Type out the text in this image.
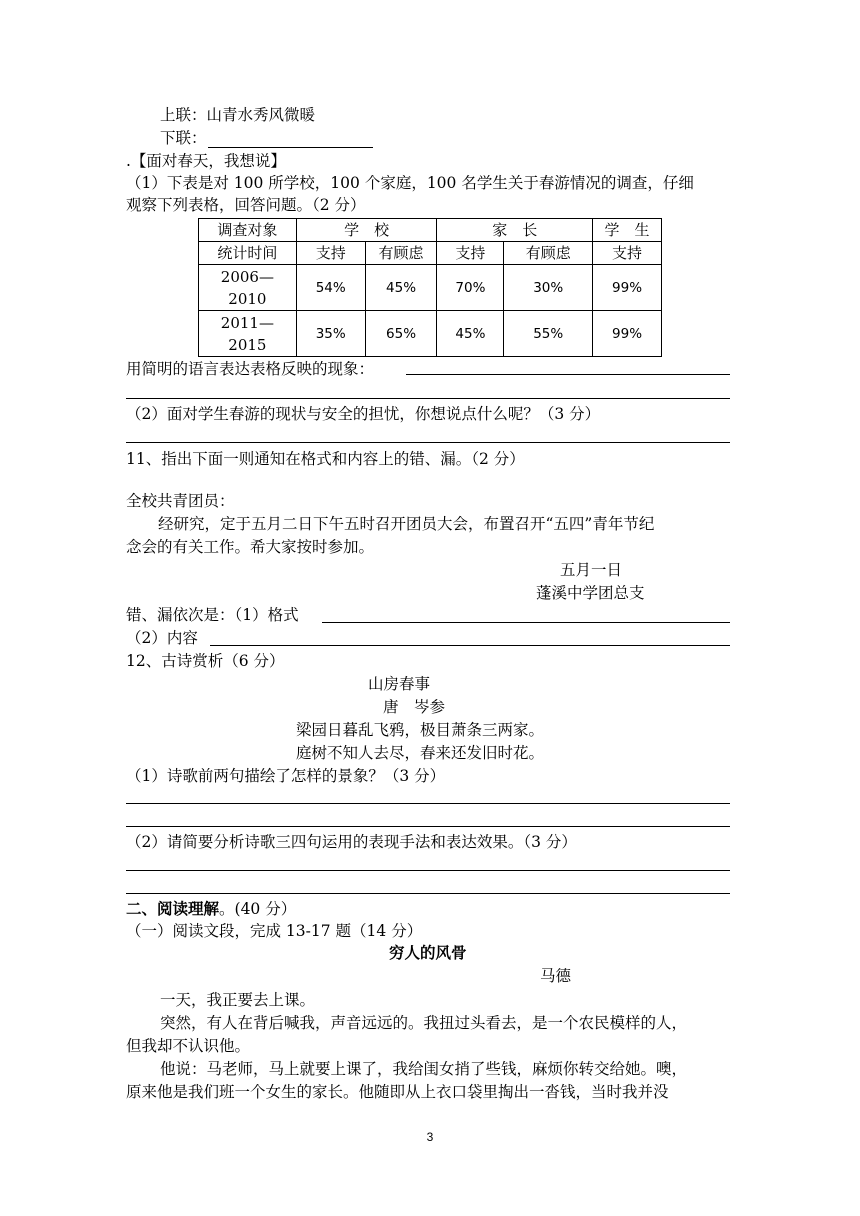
上联：山青水秀风微暖
下联：
.【面对春天，我想说】
（1）下表是对 100 所学校，100 个家庭，100 名学生关于春游情况的调查，仔细
观察下列表格，回答问题。（2 分）
调查对象	学　校		家　长		学　生
统计时间	支持	有顾虑	支持	有顾虑	支持
2006—
2010	54%	45%	70%	30%	99%
2011—
2015	35%	65%	45%	55%	99%
用简明的语言表达表格反映的现象：
（2）面对学生春游的现状与安全的担忧，你想说点什么呢？（3 分）
11、指出下面一则通知在格式和内容上的错、漏。（2 分）
全校共青团员：
经研究，定于五月二日下午五时召开团员大会，布置召开“五四”青年节纪
念会的有关工作。希大家按时参加。
五月一日
蓬溪中学团总支
错、漏依次是：（1）格式
（2）内容
12、古诗赏析（6 分）
山房春事
唐　岑参
梁园日暮乱飞鸦，极目萧条三两家。
庭树不知人去尽，春来还发旧时花。
（1）诗歌前两句描绘了怎样的景象？（3 分）
（2）请简要分析诗歌三四句运用的表现手法和表达效果。（3 分）
二、阅读理解。(40 分）
（一）阅读文段，完成 13-17 题（14 分）
穷人的风骨
马德
一天，我正要去上课。
突然，有人在背后喊我，声音远远的。我扭过头看去，是一个农民模样的人，
但我却不认识他。
他说：马老师，马上就要上课了，我给闺女捎了些钱，麻烦你转交给她。噢，
原来他是我们班一个女生的家长。他随即从上衣口袋里掏出一沓钱，当时我并没
3
